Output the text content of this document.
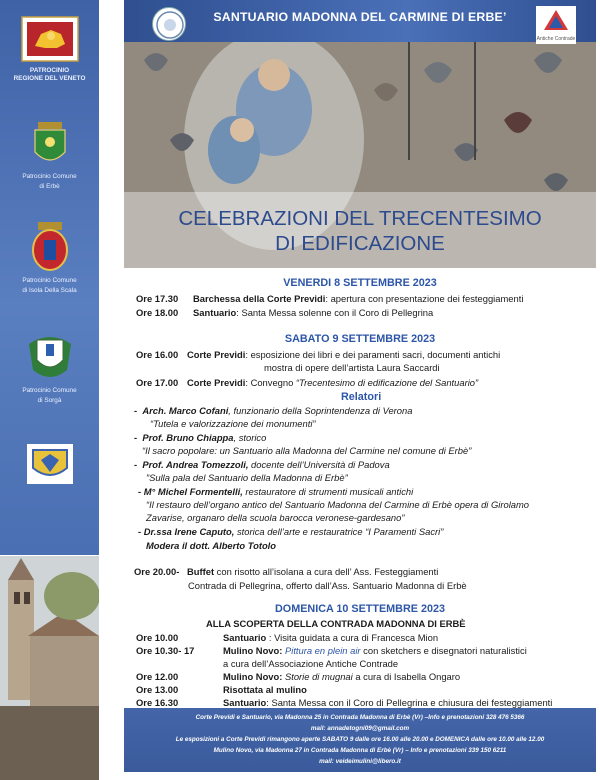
PATROCINIO
REGIONE DEL VENETO
Patrocinio Comune
di Erbè
Patrocinio Comune
di Isola Della Scala
Patrocinio Comune
di Sorgà
SANTUARIO MADONNA DEL CARMINE DI ERBE’
Antiche Contrade
CELEBRAZIONI DEL TRECENTESIMO
DI EDIFICAZIONE
VENERDI 8 SETTEMBRE 2023
Ore 17.30 Barchessa della Corte Previdi: apertura con presentazione dei festeggiamenti
Ore 18.00 Santuario: Santa Messa solenne con il Coro di Pellegrina
SABATO 9 SETTEMBRE 2023
Ore 16.00 Corte Previdi: esposizione dei libri e dei paramenti sacri, documenti antichi
mostra di opere dell’artista Laura Saccardi
Ore 17.00 Corte Previdi: Convegno “Trecentesimo di edificazione del Santuario”
Relatori
-  Arch. Marco Cofani, funzionario della Soprintendenza di Verona
“Tutela e valorizzazione dei monumenti”
-  Prof. Bruno Chiappa, storico
“Il sacro popolare: un Santuario alla Madonna del Carmine nel comune di Erbè”
-  Prof. Andrea Tomezzoli, docente dell’Università di Padova
”Sulla pala del Santuario della Madonna di Erbè”
- M° Michel Formentelli, restauratore di strumenti musicali antichi
“Il restauro dell’organo antico del Santuario Madonna del Carmine di Erbè opera di Girolamo
Zavarise, organaro della scuola barocca veronese-gardesano”
- Dr.ssa Irene Caputo, storica dell’arte e restauratrice “I Paramenti Sacri”
Modera il dott. Alberto Totolo
Ore 20.00- Buffet con risotto all’isolana a cura dell’ Ass. Festeggiamenti
Contrada di Pellegrina, offerto dall’Ass. Santuario Madonna di Erbè
DOMENICA 10 SETTEMBRE 2023
ALLA SCOPERTA DELLA CONTRADA MADONNA DI ERBÈ
Ore 10.00	Santuario : Visita guidata a cura di Francesca Mion
Ore 10.30- 17	Mulino Novo: Pittura en plein air con sketchers e disegnatori naturalistici
a cura dell’Associazione Antiche Contrade
Ore 12.00	Mulino Novo: Storie di mugnai a cura di Isabella Ongaro
Ore 13.00	Risottata al mulino
Ore 16.30	Santuario: Santa Messa con il Coro di Pellegrina e chiusura dei festeggiamenti
Corte Previdi e Santuario, via Madonna 25 in Contrada Madonna di Erbè (Vr) –Info e prenotazioni 328 476 5366
mail: annadetogni09@gmail.com
Le esposizioni a Corte Previdi rimangono aperte SABATO 9 dalle ore 16.00 alle 20.00 e DOMENICA dalle ore 10.00 alle 12.00
Mulino Novo, via Madonna 27 in Contrada Madonna di Erbè (Vr) – Info e prenotazioni 339 150 6211
mail: veideimulini@libero.it
